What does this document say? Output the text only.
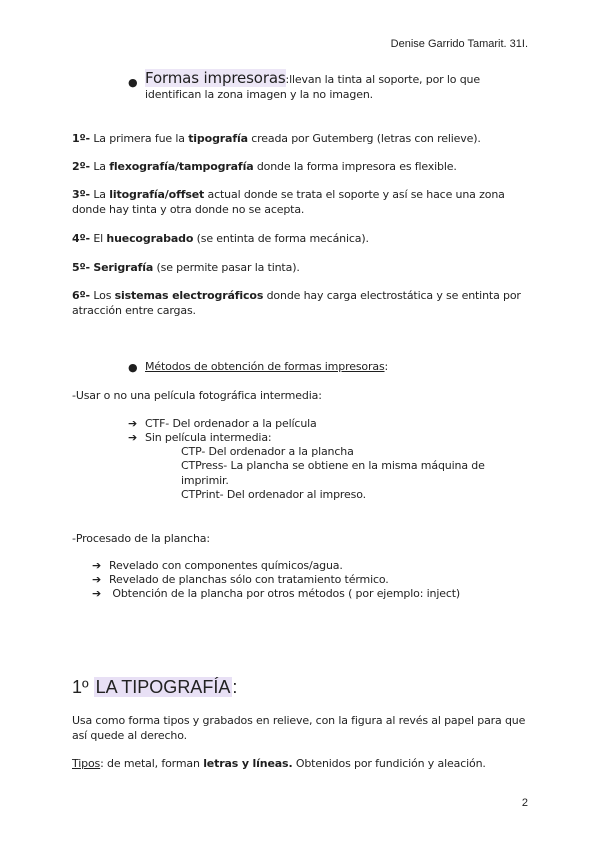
Denise Garrido Tamarit. 31I.
● Formas impresoras:llevan la tinta al soporte, por lo que identifican la zona imagen y la no imagen.
1º- La primera fue la tipografía creada por Gutemberg (letras con relieve).
2º- La flexografía/tampografía donde la forma impresora es flexible.
3º- La litografía/offset actual donde se trata el soporte y así se hace una zona donde hay tinta y otra donde no se acepta.
4º- El huecograbado (se entinta de forma mecánica).
5º- Serigrafía (se permite pasar la tinta).
6º- Los sistemas electrográficos donde hay carga electrostática y se entinta por atracción entre cargas.
● Métodos de obtención de formas impresoras:
-Usar o no una película fotográfica intermedia:
➔ CTF- Del ordenador a la película
➔ Sin película intermedia:
CTP- Del ordenador a la plancha
CTPress- La plancha se obtiene en la misma máquina de imprimir.
CTPrint- Del ordenador al impreso.
-Procesado de la plancha:
➔ Revelado con componentes químicos/agua.
➔ Revelado de planchas sólo con tratamiento térmico.
➔ Obtención de la plancha por otros métodos ( por ejemplo: inject)
1º LA TIPOGRAFÍA :
Usa como forma tipos y grabados en relieve, con la figura al revés al papel para que así quede al derecho.
Tipos: de metal, forman letras y líneas. Obtenidos por fundición y aleación.
2
